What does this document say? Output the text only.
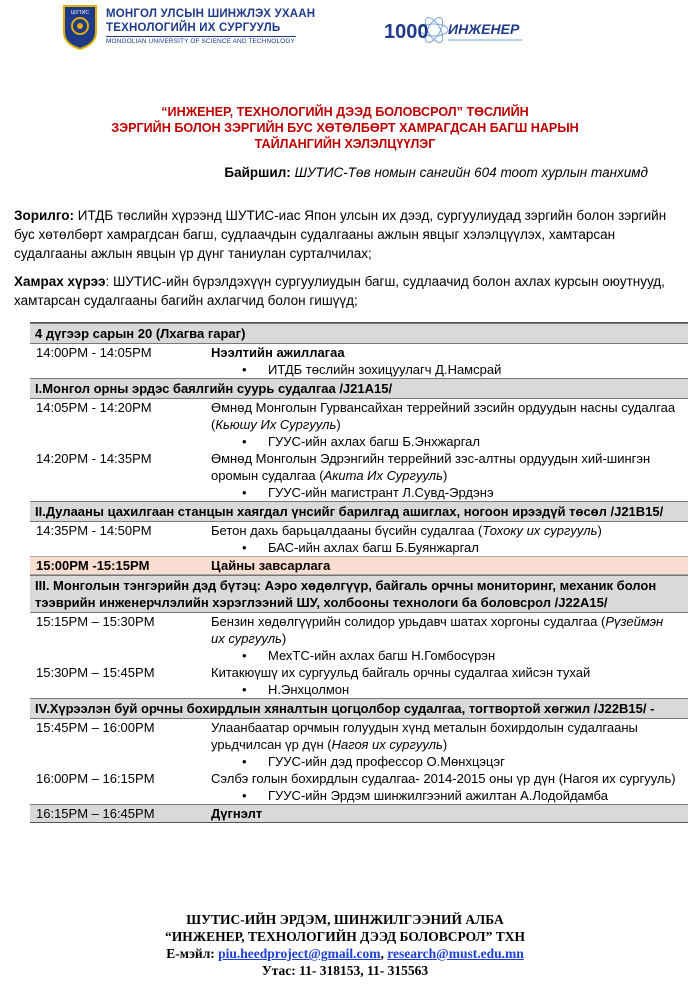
ШУТИС МОНГОЛ УЛСЫН ШИНЖЛЭХ УХААН
ТЕХНОЛОГИЙН ИХ СУРГУУЛЬ
MONGOLIAN UNIVERSITY OF SCIENCE AND TECHNOLOGY	1000 ИНЖЕНЕР
“ИНЖЕНЕР, ТЕХНОЛОГИЙН ДЭЭД БОЛОВСРОЛ” ТӨСЛИЙН
ЗЭРГИЙН БОЛОН ЗЭРГИЙН БУС ХӨТӨЛБӨРТ ХАМРАГДСАН БАГШ НАРЫН
ТАЙЛАНГИЙН ХЭЛЭЛЦҮҮЛЭГ
Байршил: ШУТИС-Төв номын сангийн 604 тоот хурлын танхимд
Зорилго: ИТДБ төслийн хүрээнд ШУТИС-иас Япон улсын их дээд, сургуулиудад зэргийн болон зэргийн бус хөтөлбөрт хамрагдсан багш, судлаачдын судалгааны ажлын явцыг хэлэлцүүлэх, хамтарсан судалгааны ажлын явцын үр дүнг таниулан сурталчилах;
Хамрах хүрээ: ШУТИС-ийн бүрэлдэхүүн сургуулиудын багш, судлаачид болон ахлах курсын оюутнууд, хамтарсан судалгааны багийн ахлагчид болон гишүүд;
4 дүгээр сарын 20 (Лхагва гараг)
14:00PM - 14:05PM	Нээлтийн ажиллагаа
• ИТДБ төслийн зохицуулагч Д.Намсрай
I.Монгол орны эрдэс баялгийн суурь судалгаа /J21A15/
14:05PM - 14:20PM	Өмнөд Монголын Гурвансайхан террейний зэсийн ордуудын насны судалгаа (Кьюшу Их Сургууль)
• ГУУС-ийн ахлах багш Б.Энхжаргал
14:20PM - 14:35PM	Өмнөд Монголын Эдрэнгийн террейний зэс-алтны ордуудын хий-шингэн оромын судалгаа (Акита Их Сургууль)
• ГУУС-ийн магистрант Л.Сувд-Эрдэнэ
II.Дулааны цахилгаан станцын хаягдал үнсийг барилгад ашиглах, ногоон ирээдүй төсөл /J21B15/
14:35PM - 14:50PM	Бетон дахь барьцалдааны бүсийн судалгаа (Тохоку их сургууль)
• БАС-ийн ахлах багш Б.Буянжаргал
15:00PM -15:15PM	Цайны завсарлага
III. Монголын тэнгэрийн дэд бүтэц: Аэро хөдөлгүүр, байгаль орчны мониторинг, механик болон тээврийн инженерчлэлийн хэрэглээний ШУ, холбооны технологи ба боловсрол /J22A15/
15:15PM – 15:30PM	Бензин хөдөлгүүрийн солидор урьдавч шатах хоргоны судалгаа (Рүзеймэн их сургууль)
• МехТС-ийн ахлах багш Н.Гомбосүрэн
15:30PM – 15:45PM	Китакюүшү их сургуульд байгаль орчны судалгаа хийсэн тухай
• Н.Энхцолмон
IV.Хүрээлэн буй орчны бохирдлын хяналтын цогцолбор судалгаа, тогтвортой хөгжил /J22B15/ -
15:45PM – 16:00PM	Улаанбаатар орчмын голуудын хүнд металын бохирдолын судалгааны урьдчилсан үр дүн (Нагоя их сургууль)
• ГУУС-ийн дэд профессор О.Мөнхцэцэг
16:00PM – 16:15PM	Сэлбэ голын бохирдлын судалгаа- 2014-2015 оны үр дүн (Нагоя их сургууль)
• ГУУС-ийн Эрдэм шинжилгээний ажилтан А.Лодойдамба
16:15PM – 16:45PM	Дүгнэлт
ШУТИС-ИЙН ЭРДЭМ, ШИНЖИЛГЭЭНИЙ АЛБА
“ИНЖЕНЕР, ТЕХНОЛОГИЙН ДЭЭД БОЛОВСРОЛ” ТХН
Е-мэйл: piu.heedproject@gmail.com, research@must.edu.mn
Утас: 11- 318153, 11- 315563
